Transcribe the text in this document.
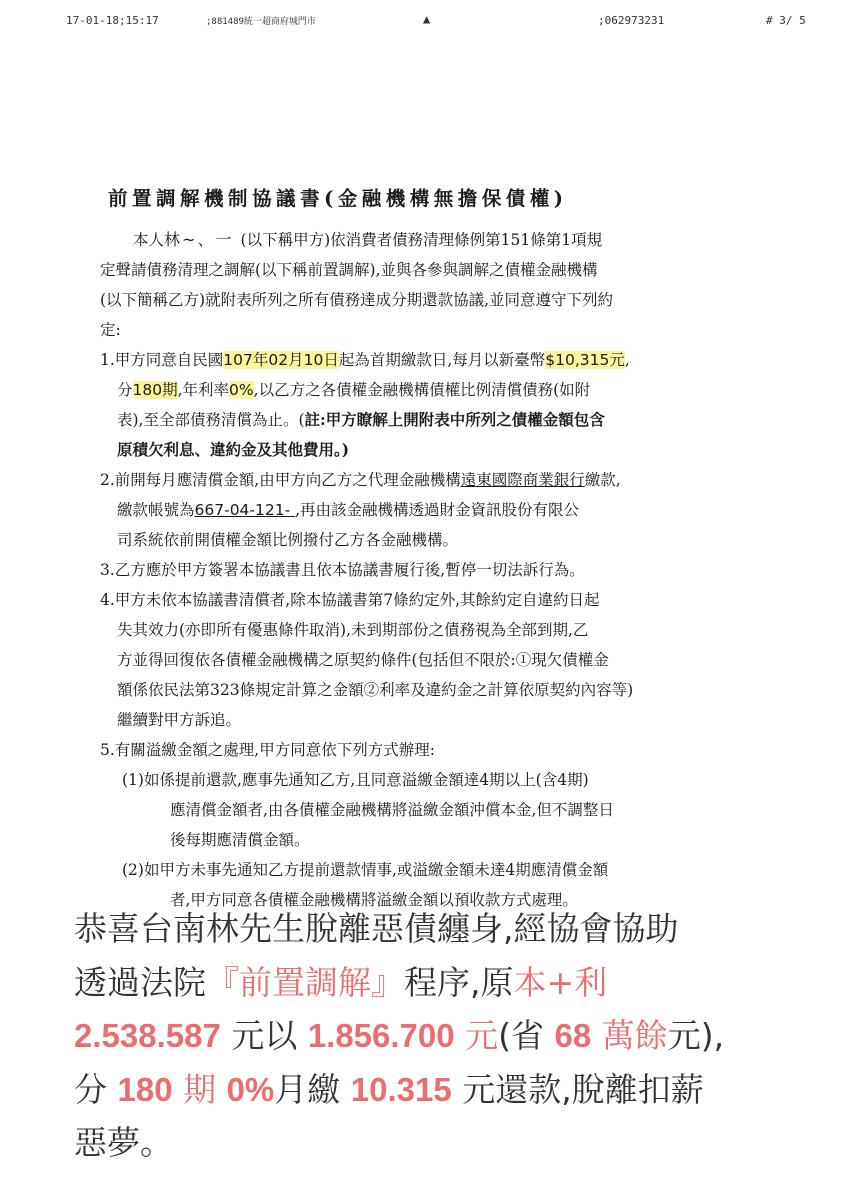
17-01-18;15:17	;881489統一超商府城門市	▲	;062973231	# 3/ 5
前置調解機制協議書(金融機構無擔保債權)

本人林~、一 (以下稱甲方)依消費者債務清理條例第151條第1項規

定聲請債務清理之調解(以下稱前置調解),並與各參與調解之債權金融機構

(以下簡稱乙方)就附表所列之所有債務達成分期還款協議,並同意遵守下列約

定:

1.甲方同意自民國107年02月10日起為首期繳款日,每月以新臺幣$10,315元,

分180期,年利率0%,以乙方之各債權金融機構債權比例清償債務(如附

表),至全部債務清償為止。(註:甲方瞭解上開附表中所列之債權金額包含

原積欠利息、違約金及其他費用。)

2.前開每月應清償金額,由甲方向乙方之代理金融機構遠東國際商業銀行繳款,

繳款帳號為667-04-121- ,再由該金融機構透過財金資訊股份有限公

司系統依前開債權金額比例撥付乙方各金融機構。

3.乙方應於甲方簽署本協議書且依本協議書履行後,暫停一切法訴行為。

4.甲方未依本協議書清償者,除本協議書第7條約定外,其餘約定自違約日起

失其效力(亦即所有優惠條件取消),未到期部份之債務視為全部到期,乙

方並得回復依各債權金融機構之原契約條件(包括但不限於:①現欠債權金

額係依民法第323條規定計算之金額②利率及違約金之計算依原契約內容等)

繼續對甲方訴追。

5.有關溢繳金額之處理,甲方同意依下列方式辦理:

(1)如係提前還款,應事先通知乙方,且同意溢繳金額達4期以上(含4期)

應清償金額者,由各債權金融機構將溢繳金額沖償本金,但不調整日

後每期應清償金額。

(2)如甲方未事先通知乙方提前還款情事,或溢繳金額未達4期應清償金額

者,甲方同意各債權金融機構將溢繳金額以預收款方式處理。

恭喜台南林先生脫離惡債纏身,經協會協助
透過法院『前置調解』程序,原本+利
2.538.587 元以 1.856.700 元(省 68 萬餘元),
分 180 期 0%月繳 10.315 元還款,脫離扣薪
惡夢。
